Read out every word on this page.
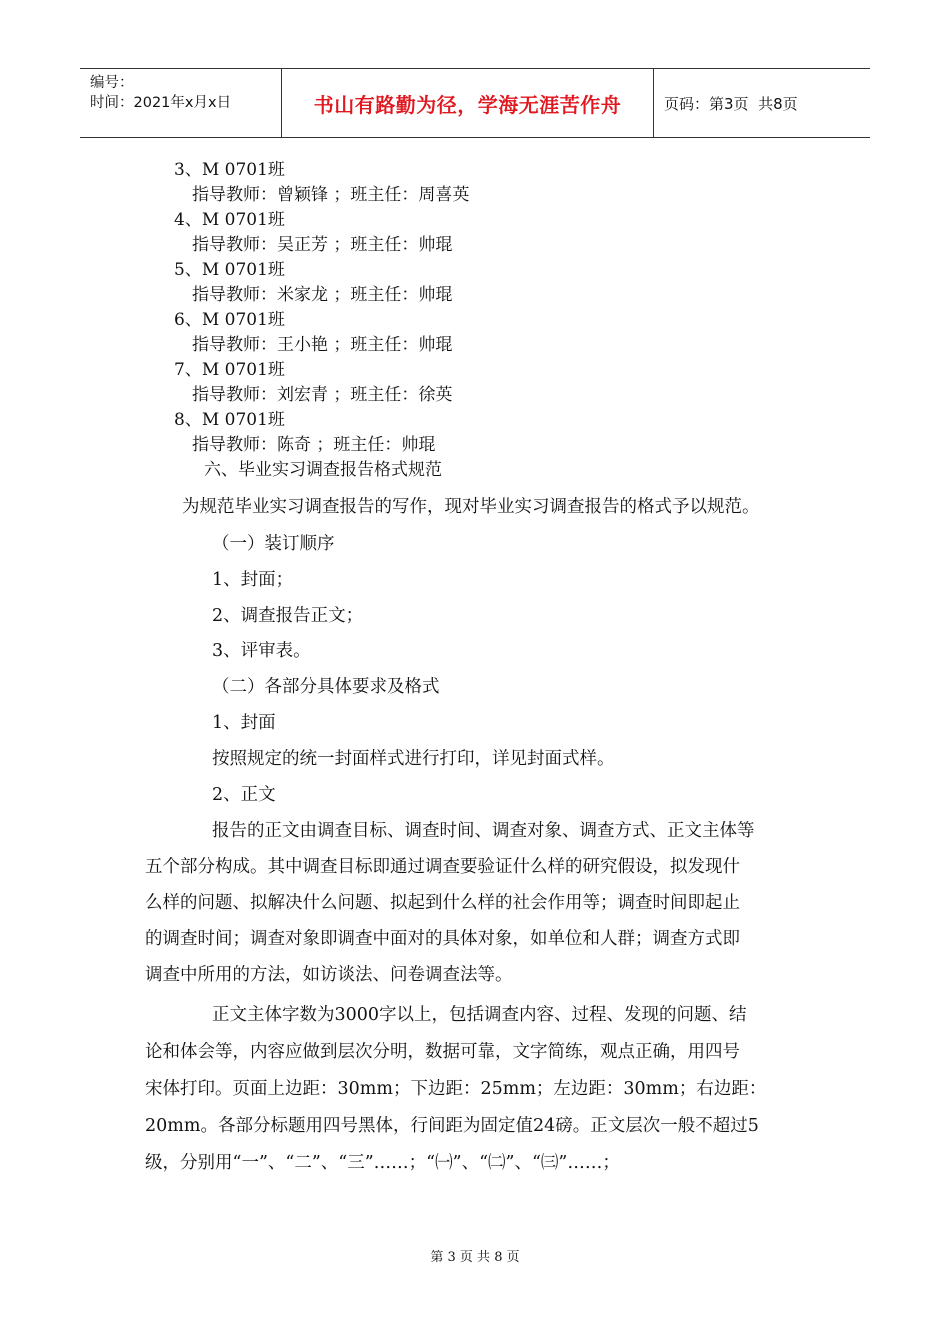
编号：
时间：2021年x月x日	书山有路勤为径，学海无涯苦作舟	页码：第3页  共8页
3、M 0701班
指导教师：曾颖锋 ；班主任：周喜英
4、M 0701班
指导教师：吴正芳 ；班主任：帅琨
5、M 0701班
指导教师：米家龙 ；班主任：帅琨
6、M 0701班
指导教师：王小艳 ；班主任：帅琨
7、M 0701班
指导教师：刘宏青 ；班主任：徐英
8、M 0701班
指导教师：陈奇 ；班主任：帅琨
六、毕业实习调查报告格式规范
为规范毕业实习调查报告的写作，现对毕业实习调查报告的格式予以规范。
（一）装订顺序
1、封面；
2、调查报告正文；
3、评审表。
（二）各部分具体要求及格式
1、封面
按照规定的统一封面样式进行打印，详见封面式样。
2、正文
报告的正文由调查目标、调查时间、调查对象、调查方式、正文主体等
五个部分构成。其中调查目标即通过调查要验证什么样的研究假设，拟发现什
么样的问题、拟解决什么问题、拟起到什么样的社会作用等；调查时间即起止
的调查时间；调查对象即调查中面对的具体对象，如单位和人群；调查方式即
调查中所用的方法，如访谈法、问卷调查法等。
正文主体字数为3000字以上，包括调查内容、过程、发现的问题、结
论和体会等，内容应做到层次分明，数据可靠，文字简练，观点正确，用四号
宋体打印。页面上边距：30mm；下边距：25mm；左边距：30mm；右边距：
20mm。各部分标题用四号黑体，行间距为固定值24磅。正文层次一般不超过5
级，分别用“一”、“二”、“三”……；“㈠”、“㈡”、“㈢”……；
第 3 页 共 8 页
